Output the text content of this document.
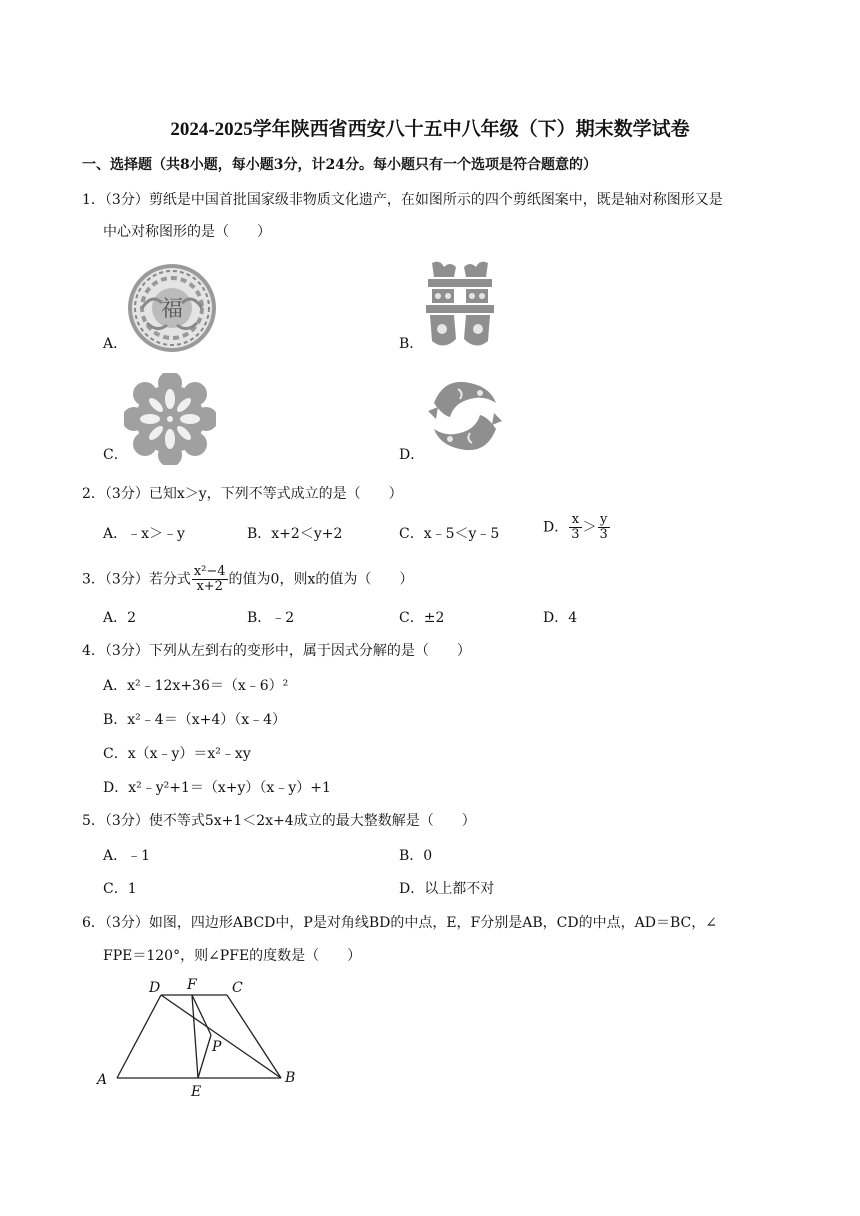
2024-2025学年陕西省西安八十五中八年级（下）期末数学试卷
一、选择题（共8小题，每小题3分，计24分。每小题只有一个选项是符合题意的）
1．（3分）剪纸是中国首批国家级非物质文化遗产，在如图所示的四个剪纸图案中，既是轴对称图形又是
中心对称图形的是（　　）
A．
福
B．
C．	D．
2．（3分）已知x＞y，下列不等式成立的是（　　）
A．﹣x＞﹣y	B．x+2＜y+2	C．x﹣5＜y﹣5	D． $\frac{x}{3} > \frac{y}{3}$
3．（3分）若分式 $\frac{\text{x²−4}}{x+2}$ 的值为0，则x的值为（　　）
A．2	B．﹣2	C．±2	D．4
4．（3分）下列从左到右的变形中，属于因式分解的是（　　）
A．x²﹣12x+36＝（x﹣6）²
B．x²﹣4＝（x+4）（x﹣4）
C．x（x﹣y）＝x²﹣xy
D．x²﹣y²+1＝（x+y）（x﹣y）+1
5．（3分）使不等式5x+1＜2x+4成立的最大整数解是（　　）
A．﹣1	B．0
C．1	D．以上都不对
6．（3分）如图，四边形ABCD中，P是对角线BD的中点，E，F分别是AB，CD的中点，AD＝BC，∠
FPE＝120°，则∠PFE的度数是（　　）
A	B
C
D
E
F
P
